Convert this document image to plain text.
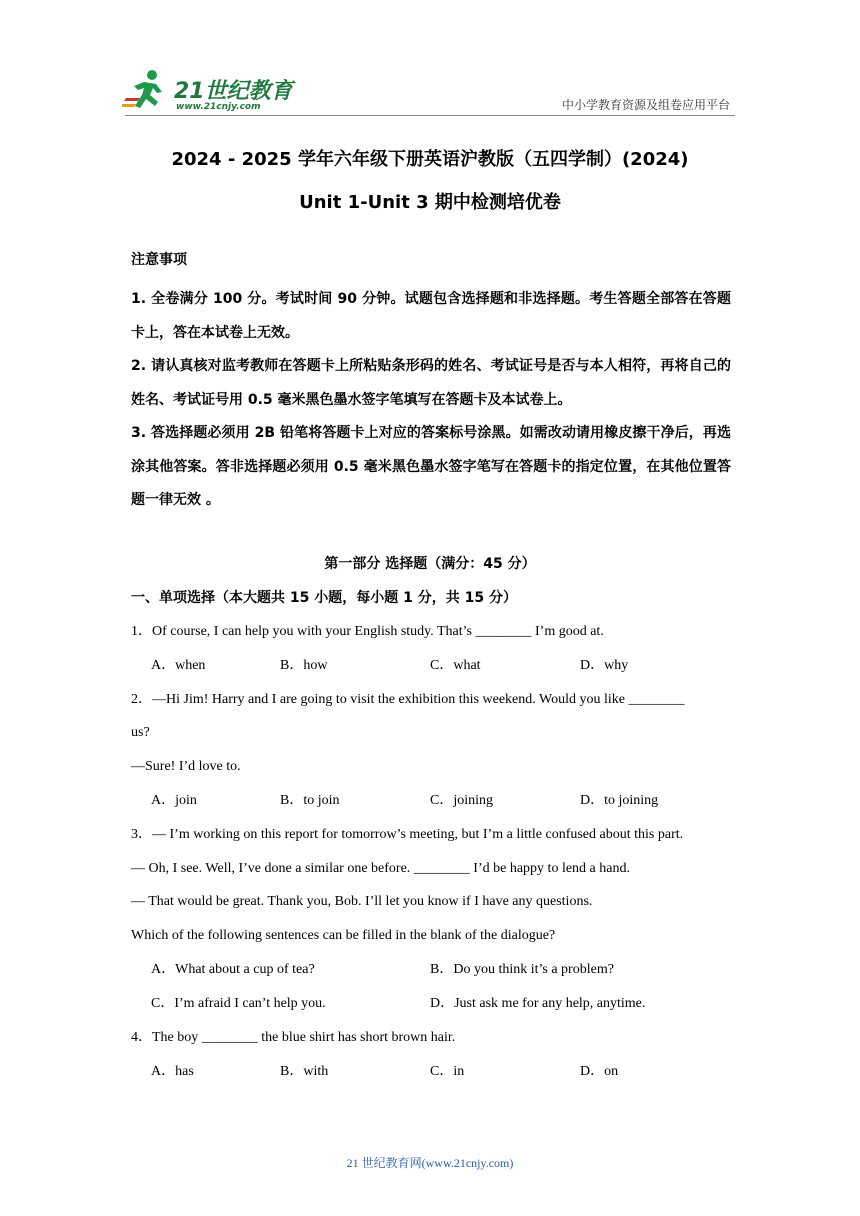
21世纪教育
www.21cnjy.com	中小学教育资源及组卷应用平台
2024 - 2025 学年六年级下册英语沪教版（五四学制）(2024)
Unit 1-Unit 3 期中检测培优卷
注意事项

1. 全卷满分 100 分。考试时间 90 分钟。试题包含选择题和非选择题。考生答题全部答在答题卡上，答在本试卷上无效。

2. 请认真核对监考教师在答题卡上所粘贴条形码的姓名、考试证号是否与本人相符，再将自己的姓名、考试证号用 0.5 毫米黑色墨水签字笔填写在答题卡及本试卷上。

3. 答选择题必须用 2B 铅笔将答题卡上对应的答案标号涂黑。如需改动请用橡皮擦干净后，再选涂其他答案。答非选择题必须用 0.5 毫米黑色墨水签字笔写在答题卡的指定位置，在其他位置答题一律无效 。

第一部分 选择题（满分：45 分）
一、单项选择（本大题共 15 小题，每小题 1 分，共 15 分）
1．Of course, I can help you with your English study. That’s ________ I’m good at.
A．when	B．how	C．what	D．why
2．—Hi Jim! Harry and I are going to visit the exhibition this weekend. Would you like ________
us?
—Sure! I’d love to.
A．join	B．to join	C．joining	D．to joining
3．— I’m working on this report for tomorrow’s meeting, but I’m a little confused about this part.
— Oh, I see. Well, I’ve done a similar one before. ________ I’d be happy to lend a hand.
— That would be great. Thank you, Bob. I’ll let you know if I have any questions.
Which of the following sentences can be filled in the blank of the dialogue?
A．What about a cup of tea?	B．Do you think it’s a problem?
C．I’m afraid I can’t help you.	D．Just ask me for any help, anytime.
4．The boy ________ the blue shirt has short brown hair.
A．has	B．with	C．in	D．on
21 世纪教育网(www.21cnjy.com)
